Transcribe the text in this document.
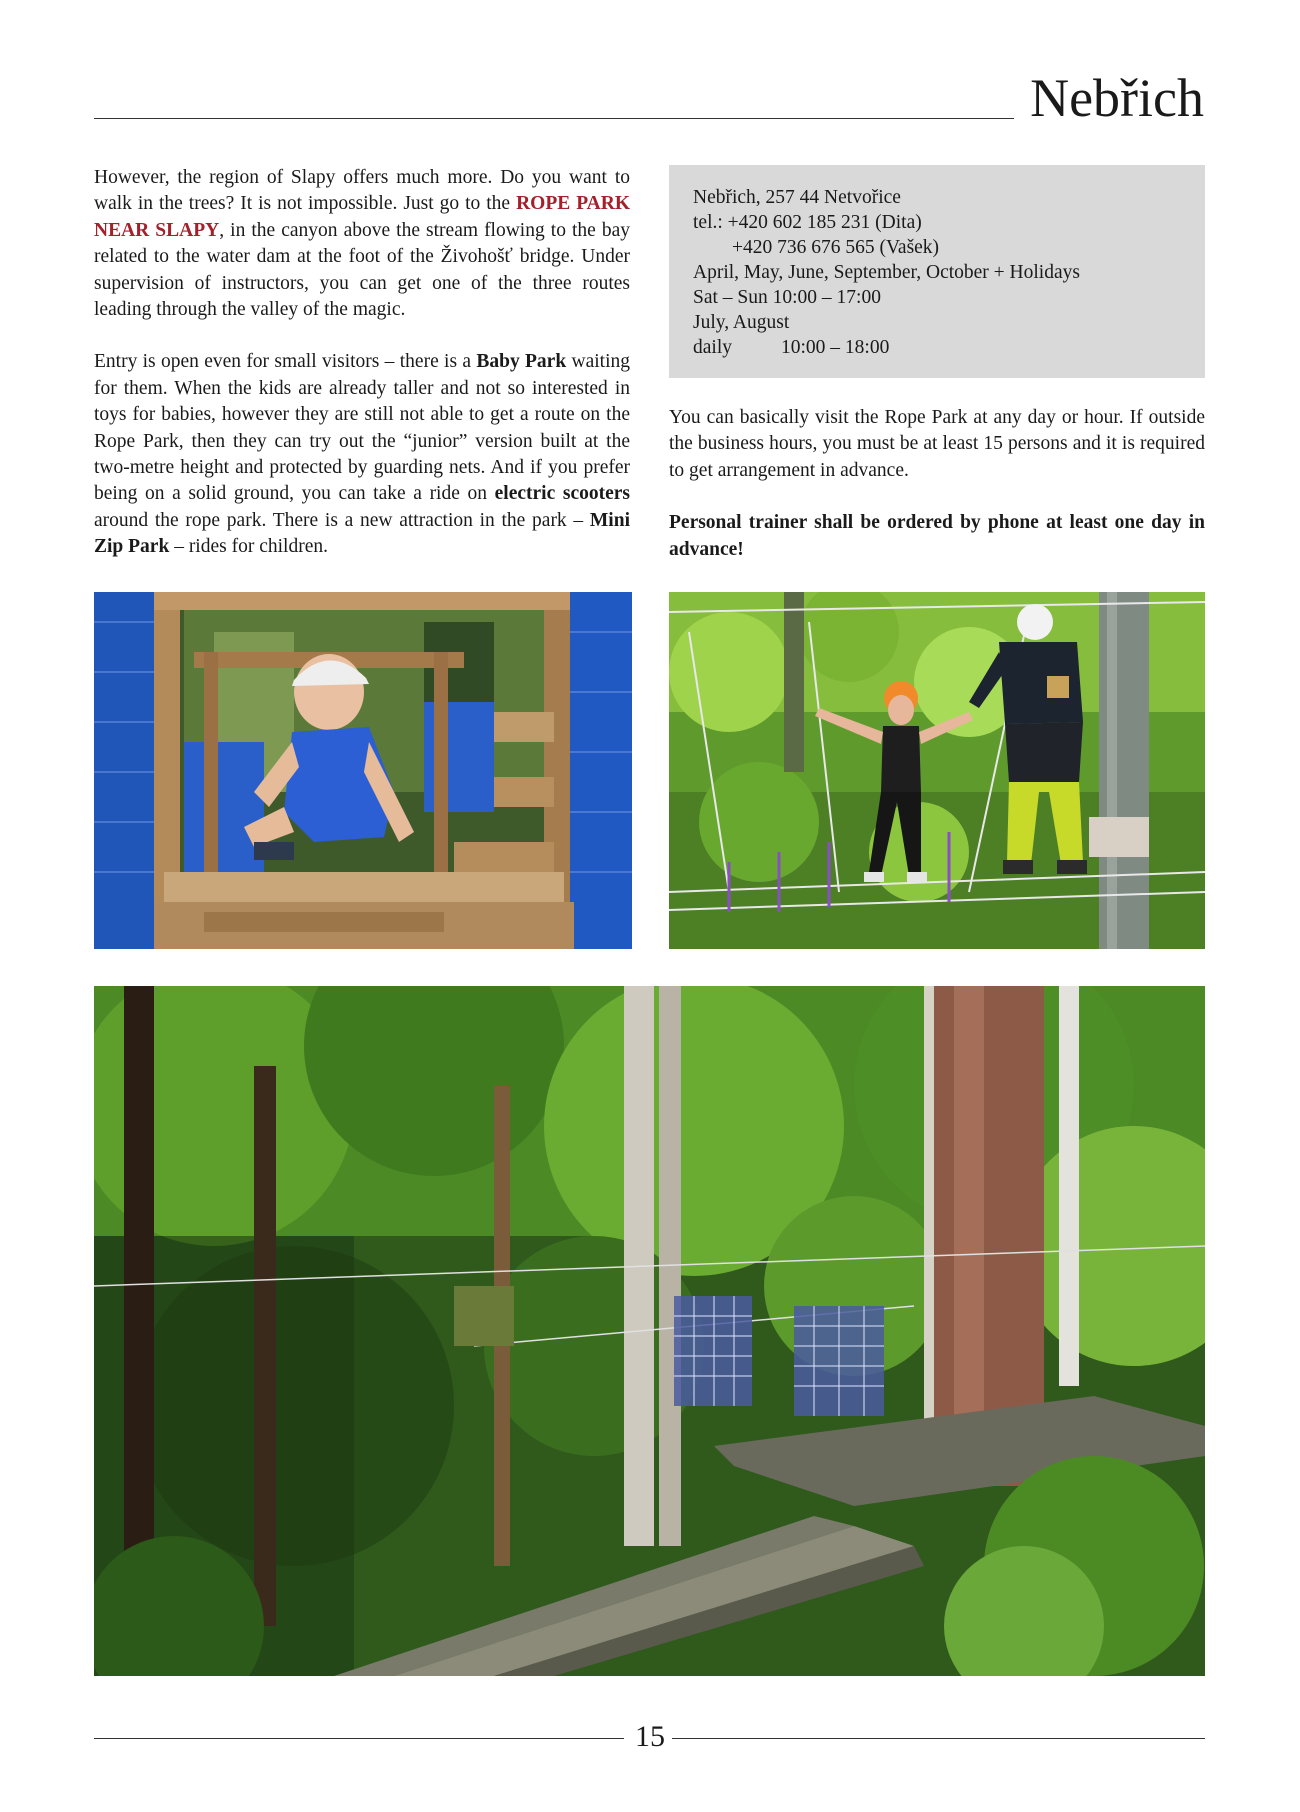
Nebřich

However, the region of Slapy offers much more. Do you want to walk in the trees? It is not impossible. Just go to the ROPE PARK NEAR SLAPY, in the canyon above the stream flowing to the bay related to the water dam at the foot of the Živohošť bridge. Under supervision of instructors, you can get one of the three routes leading through the valley of the magic.

Entry is open even for small visitors – there is a Baby Park waiting for them. When the kids are already taller and not so interested in toys for babies, however they are still not able to get a route on the Rope Park, then they can try out the “junior” version built at the two-metre height and protected by guarding nets. And if you prefer being on a solid ground, you can take a ride on electric scooters around the rope park. There is a new attraction in the park – Mini Zip Park – rides for children.

Nebřich, 257 44 Netvořice
tel.: +420 602 185 231 (Dita)
+420 736 676 565 (Vašek)
April, May, June, September, October + Holidays
Sat – Sun 10:00 – 17:00
July, August
daily	10:00 – 18:00

You can basically visit the Rope Park at any day or hour. If outside the business hours, you must be at least 15 persons and it is required to get arrangement in advance.

Personal trainer shall be ordered by phone at least one day in advance!

15
